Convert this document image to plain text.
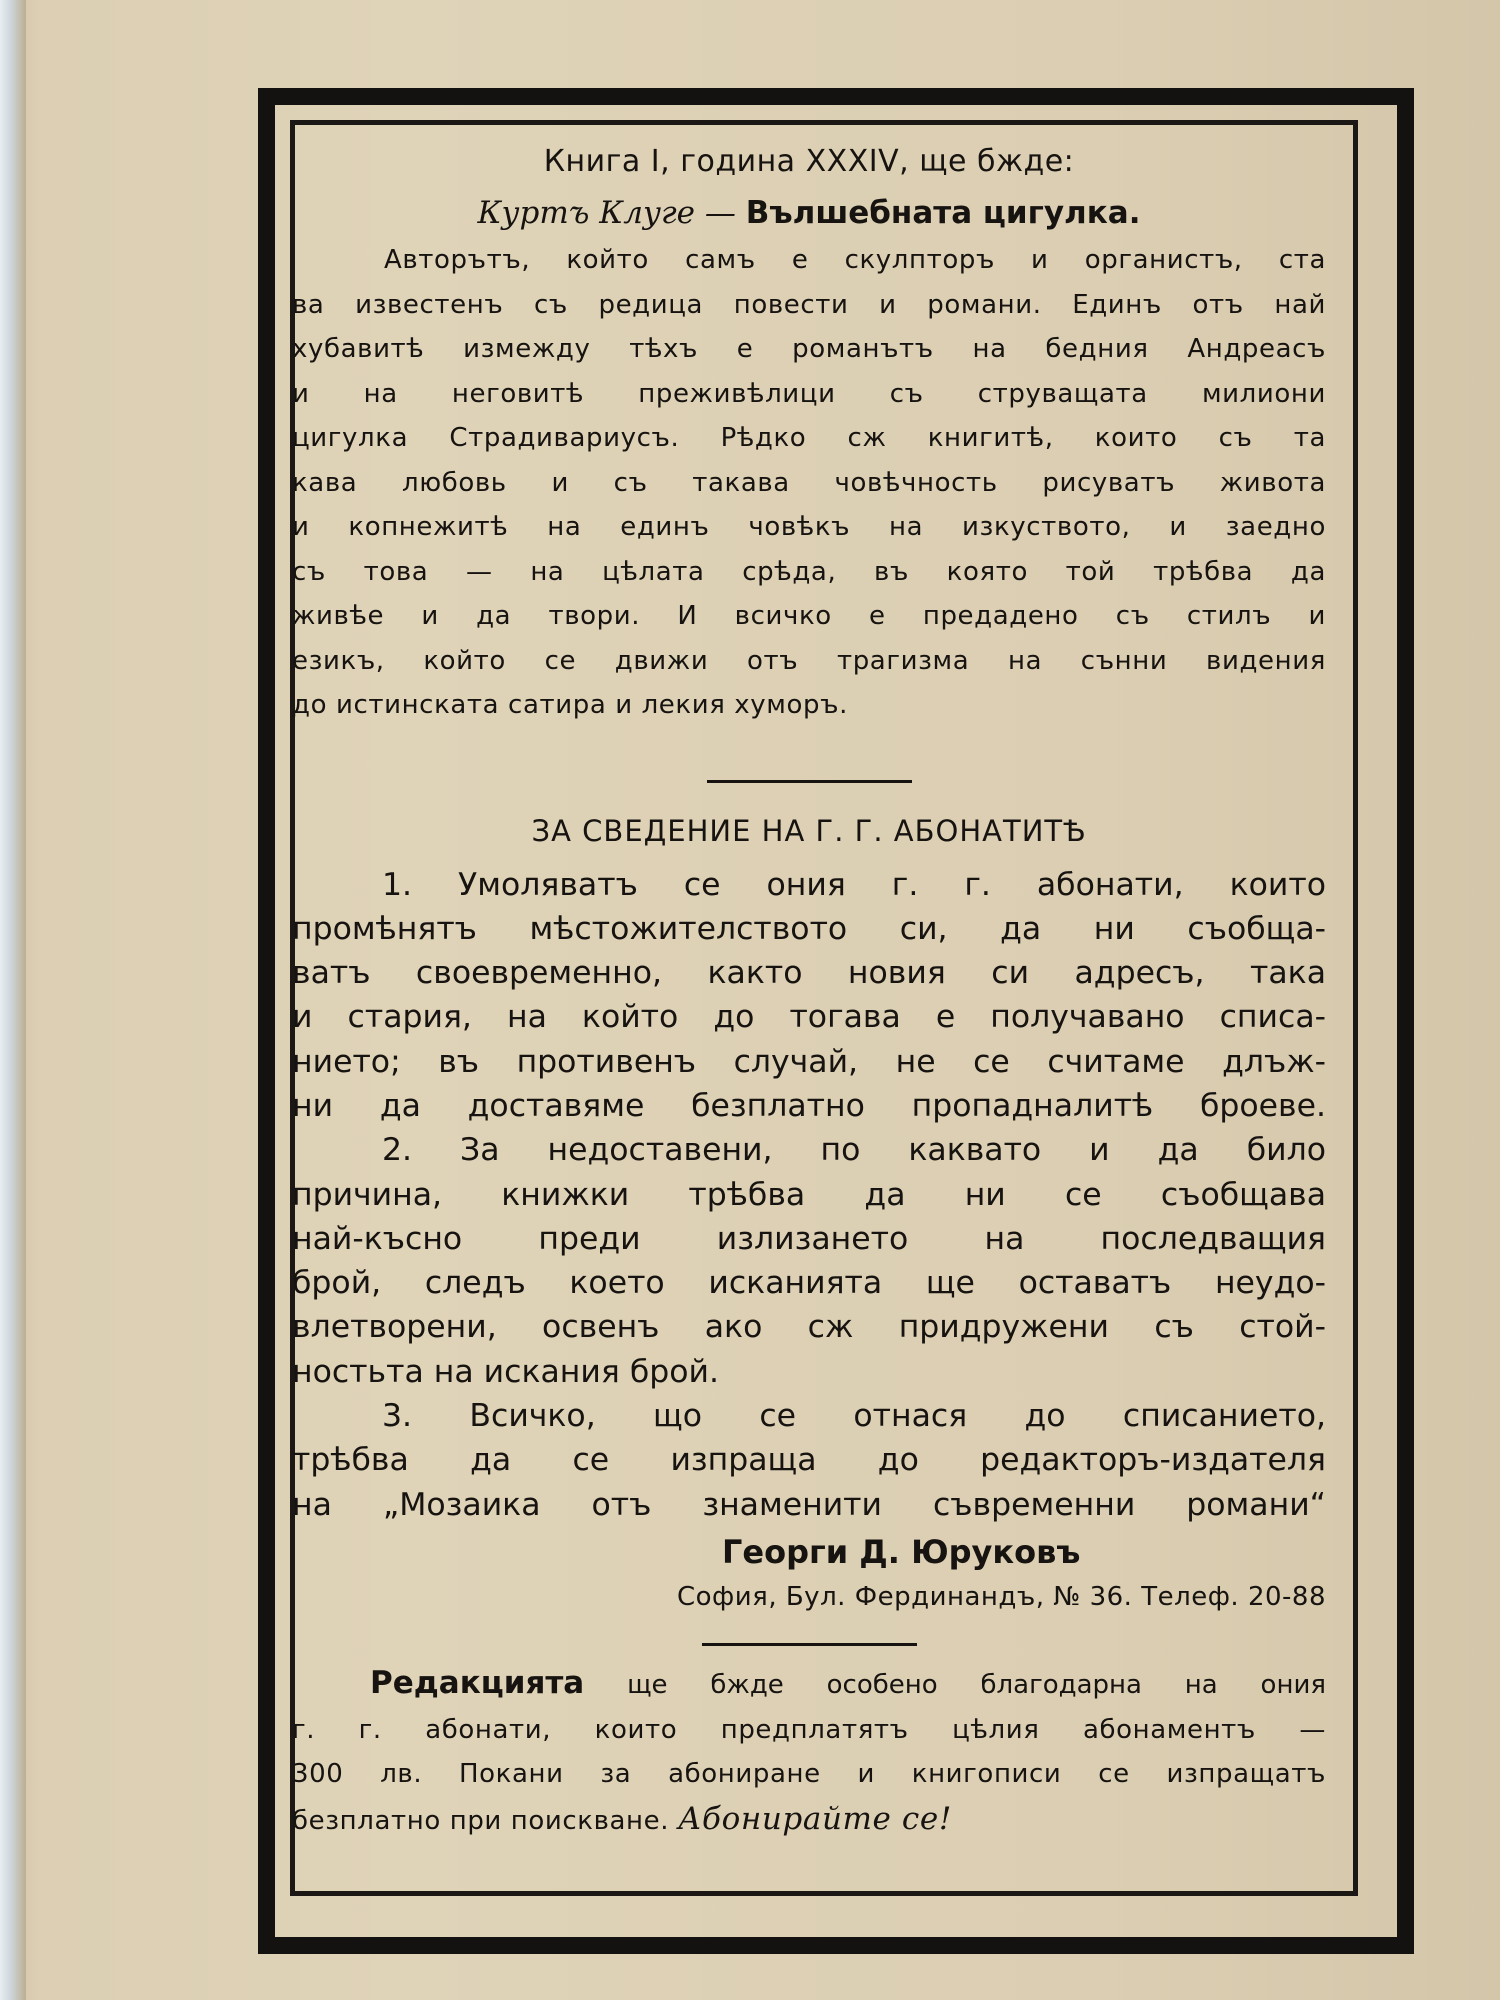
Книга I, година XXXIV, ще бжде:

Куртъ Клуге — Вълшебната цигулка.

Авторътъ, който самъ е скулпторъ и органистъ, ста

ва известенъ съ редица повести и романи. Единъ отъ най

хубавитѣ измежду тѣхъ е романътъ на бедния Андреасъ

и на неговитѣ преживѣлици съ струващата милиони

цигулка Страдивариусъ. Рѣдко сж книгитѣ, които съ та

кава любовь и съ такава човѣчность рисуватъ живота

и копнежитѣ на единъ човѣкъ на изкуството, и заедно

съ това — на цѣлата срѣда, въ която той трѣбва да

живѣе и да твори. И всичко е предадено съ стилъ и

езикъ, който се движи отъ трагизма на сънни видения

до истинската сатира и лекия хуморъ.

ЗА СВЕДЕНИЕ НА Г. Г. АБОНАТИТѢ

1. Умоляватъ се ония г. г. абонати, които

промѣнятъ мѣстожителството си, да ни съобща-

ватъ своевременно, както новия си адресъ, така

и стария, на който до тогава е получавано списа-

нието; въ противенъ случай, не се считаме длъж-

ни да доставяме безплатно пропадналитѣ броеве.

2. За недоставени, по каквато и да било

причина, книжки трѣбва да ни се съобщава

най-късно преди излизането на последващия

брой, следъ което исканията ще оставатъ неудо-

влетворени, освенъ ако сж придружени съ стой-

ностьта на искания брой.

3. Всичко, що се отнася до списанието,

трѣбва да се изпраща до редакторъ-издателя

на „Мозаика отъ знаменити съвременни романи“

Георги Д. Юруковъ

София, Бул. Фердинандъ, № 36. Телеф. 20-88

Редакцията ще бжде особено благодарна на ония

г. г. абонати, които предплатятъ цѣлия абонаментъ —

300 лв. Покани за абониране и книгописи се изпращатъ

безплатно при поискване. Абонирайте се!
